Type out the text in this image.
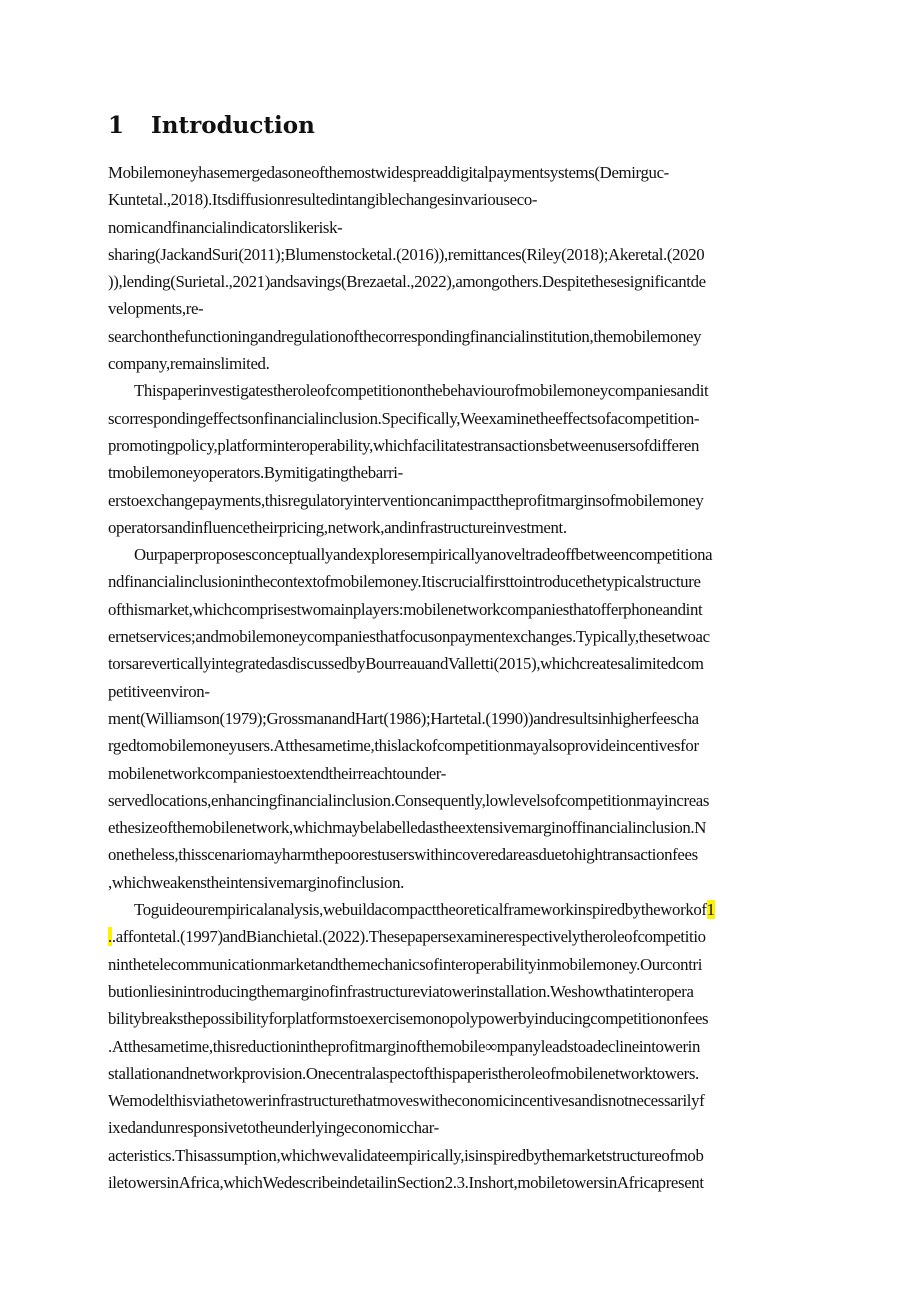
1 Introduction
Mobilemoneyhasemergedasoneofthemostwidespreaddigitalpaymentsystems(Demirguc-
Kuntetal.,2018).Itsdiffusionresultedintangiblechangesinvariouseco-
nomicandfinancialindicatorslikerisk-
sharing(JackandSuri(2011);Blumenstocketal.(2016)),remittances(Riley(2018);Akeretal.(2020
)),lending(Surietal.,2021)andsavings(Brezaetal.,2022),amongothers.Despitethesesignificantde
velopments,re-
searchonthefunctioningandregulationofthecorrespondingfinancialinstitution,themobilemoney
company,remainslimited.
Thispaperinvestigatestheroleofcompetitiononthebehaviourofmobilemoneycompaniesandit
scorrespondingeffectsonfinancialinclusion.Specifically,Weexaminetheeffectsofacompetition-
promotingpolicy,platforminteroperability,whichfacilitatestransactionsbetweenusersofdifferen
tmobilemoneyoperators.Bymitigatingthebarri-
erstoexchangepayments,thisregulatoryinterventioncanimpacttheprofitmarginsofmobilemoney
operatorsandinfluencetheirpricing,network,andinfrastructureinvestment.
Ourpaperproposesconceptuallyandexploresempiricallyanoveltradeoffbetweencompetitiona
ndfinancialinclusioninthecontextofmobilemoney.Itiscrucialfirsttointroducethetypicalstructure
ofthismarket,whichcomprisestwomainplayers:mobilenetworkcompaniesthatofferphoneandint
ernetservices;andmobilemoneycompaniesthatfocusonpaymentexchanges.Typically,thesetwoac
torsareverticallyintegratedasdiscussedbyBourreauandValletti(2015),whichcreatesalimitedcom
petitiveenviron-
ment(Williamson(1979);GrossmanandHart(1986);Hartetal.(1990))andresultsinhigherfeescha
rgedtomobilemoneyusers.Atthesametime,thislackofcompetitionmayalsoprovideincentivesfor
mobilenetworkcompaniestoextendtheirreachtounder-
servedlocations,enhancingfinancialinclusion.Consequently,lowlevelsofcompetitionmayincreas
ethesizeofthemobilenetwork,whichmaybelabelledastheextensivemarginoffinancialinclusion.N
onetheless,thisscenariomayharmthepoorestuserswithincoveredareasduetohightransactionfees
,whichweakenstheintensivemarginofinclusion.
Toguideourempiricalanalysis,webuildacompacttheoreticalframeworkinspiredbytheworkof1
..affontetal.(1997)andBianchietal.(2022).Thesepapersexaminerespectivelytheroleofcompetitio
ninthetelecommunicationmarketandthemechanicsofinteroperabilityinmobilemoney.Ourcontri
butionliesinintroducingthemarginofinfrastructureviatowerinstallation.Weshowthatinteropera
bilitybreaksthepossibilityforplatformstoexercisemonopolypowerbyinducingcompetitiononfees
.Atthesametime,thisreductionintheprofitmarginofthemobile∞mpanyleadstoadeclineintowerin
stallationandnetworkprovision.Onecentralaspectofthispaperistheroleofmobilenetworktowers.
Wemodelthisviathetowerinfrastructurethatmoveswitheconomicincentivesandisnotnecessarilyf
ixedandunresponsivetotheunderlyingeconomicchar-
acteristics.Thisassumption,whichwevalidateempirically,isinspiredbythemarketstructureofmob
iletowersinAfrica,whichWedescribeindetailinSection2.3.Inshort,mobiletowersinAfricapresent
